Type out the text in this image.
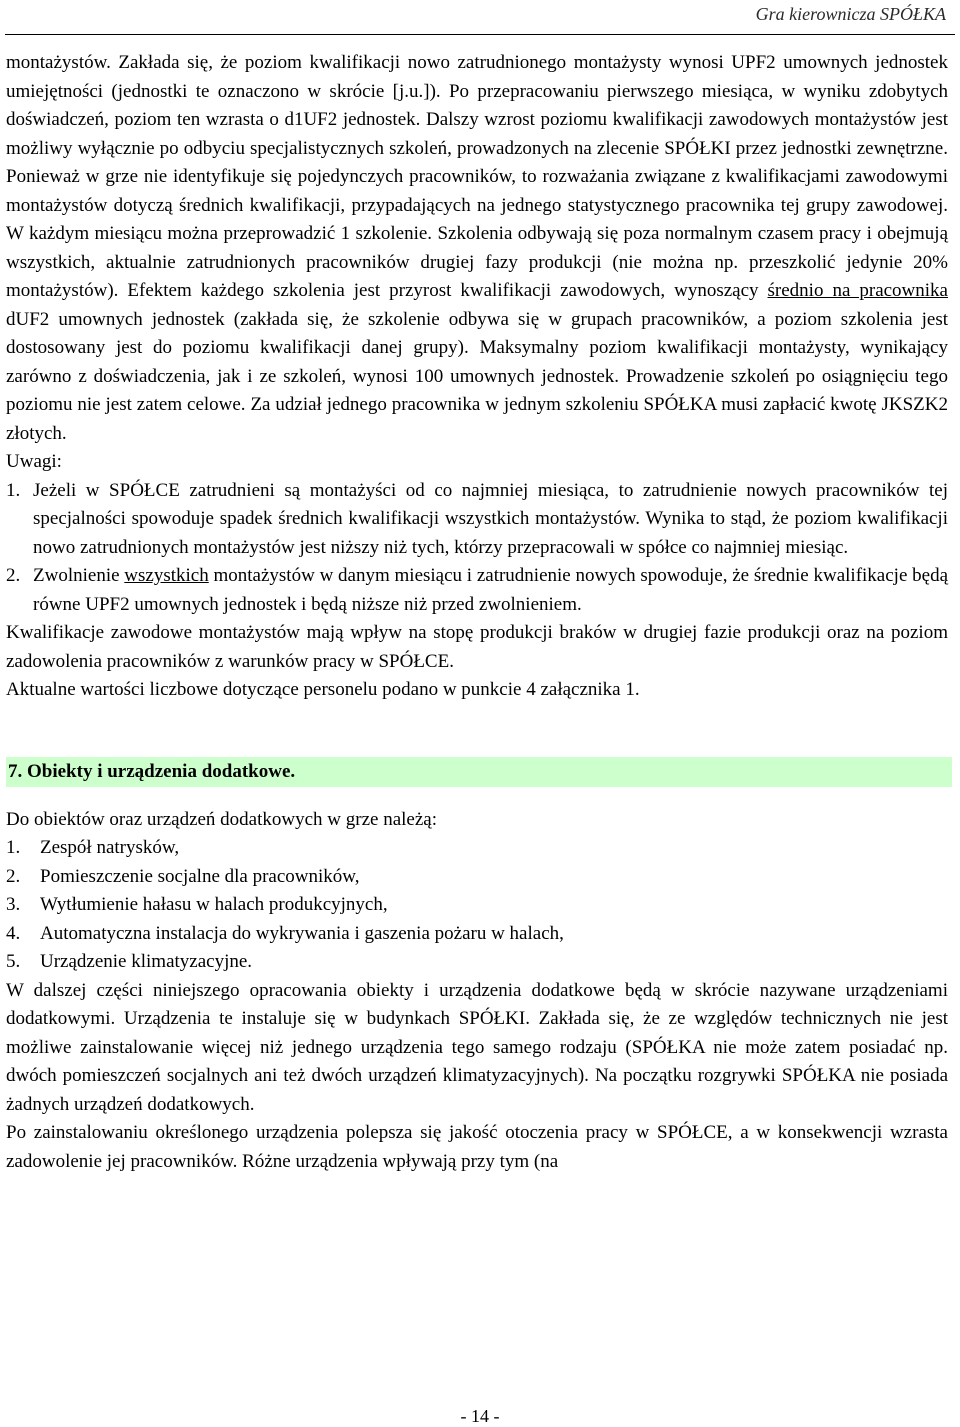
Gra kierownicza SPÓŁKA

montażystów. Zakłada się, że poziom kwalifikacji nowo zatrudnionego montażysty wynosi UPF2 umownych jednostek umiejętności (jednostki te oznaczono w skrócie [j.u.]). Po przepracowaniu pierwszego miesiąca, w wyniku zdobytych doświadczeń, poziom ten wzrasta o d1UF2 jednostek. Dalszy wzrost poziomu kwalifikacji zawodowych montażystów jest możliwy wyłącznie po odbyciu specjalistycznych szkoleń, prowadzonych na zlecenie SPÓŁKI przez jednostki zewnętrzne. Ponieważ w grze nie identyfikuje się pojedynczych pracowników, to rozważania związane z kwalifikacjami zawodowymi montażystów dotyczą średnich kwalifikacji, przypadających na jednego statystycznego pracownika tej grupy zawodowej. W każdym miesiącu można przeprowadzić 1 szkolenie. Szkolenia odbywają się poza normalnym czasem pracy i obejmują wszystkich, aktualnie zatrudnionych pracowników drugiej fazy produkcji (nie można np. przeszkolić jedynie 20% montażystów). Efektem każdego szkolenia jest przyrost kwalifikacji zawodowych, wynoszący średnio na pracownika dUF2 umownych jednostek (zakłada się, że szkolenie odbywa się w grupach pracowników, a poziom szkolenia jest dostosowany jest do poziomu kwalifikacji danej grupy). Maksymalny poziom kwalifikacji montażysty, wynikający zarówno z doświadczenia, jak i ze szkoleń, wynosi 100 umownych jednostek. Prowadzenie szkoleń po osiągnięciu tego poziomu nie jest zatem celowe. Za udział jednego pracownika w jednym szkoleniu SPÓŁKA musi zapłacić kwotę JKSZK2 złotych.

Uwagi:

1. Jeżeli w SPÓŁCE zatrudnieni są montażyści od co najmniej miesiąca, to zatrudnienie nowych pracowników tej specjalności spowoduje spadek średnich kwalifikacji wszystkich montażystów. Wynika to stąd, że poziom kwalifikacji nowo zatrudnionych montażystów jest niższy niż tych, którzy przepracowali w spółce co najmniej miesiąc.
2. Zwolnienie wszystkich montażystów w danym miesiącu i zatrudnienie nowych spowoduje, że średnie kwalifikacje będą równe UPF2 umownych jednostek i będą niższe niż przed zwolnieniem.

Kwalifikacje zawodowe montażystów mają wpływ na stopę produkcji braków w drugiej fazie produkcji oraz na poziom zadowolenia pracowników z warunków pracy w SPÓŁCE.

Aktualne wartości liczbowe dotyczące personelu podano w punkcie 4 załącznika 1.

7. Obiekty i urządzenia dodatkowe.

Do obiektów oraz urządzeń dodatkowych w grze należą:

1.	Zespół natrysków,
2.	Pomieszczenie socjalne dla pracowników,
3.	Wytłumienie hałasu w halach produkcyjnych,
4.	Automatyczna instalacja do wykrywania i gaszenia pożaru w halach,
5.	Urządzenie klimatyzacyjne.

W dalszej części niniejszego opracowania obiekty i urządzenia dodatkowe będą w skrócie nazywane urządzeniami dodatkowymi. Urządzenia te instaluje się w budynkach SPÓŁKI. Zakłada się, że ze względów technicznych nie jest możliwe zainstalowanie więcej niż jednego urządzenia tego samego rodzaju (SPÓŁKA nie może zatem posiadać np. dwóch pomieszczeń socjalnych ani też dwóch urządzeń klimatyzacyjnych). Na początku rozgrywki SPÓŁKA nie posiada żadnych urządzeń dodatkowych.

Po zainstalowaniu określonego urządzenia polepsza się jakość otoczenia pracy w SPÓŁCE, a w konsekwencji wzrasta zadowolenie jej pracowników. Różne urządzenia wpływają przy tym (na

- 14 -
